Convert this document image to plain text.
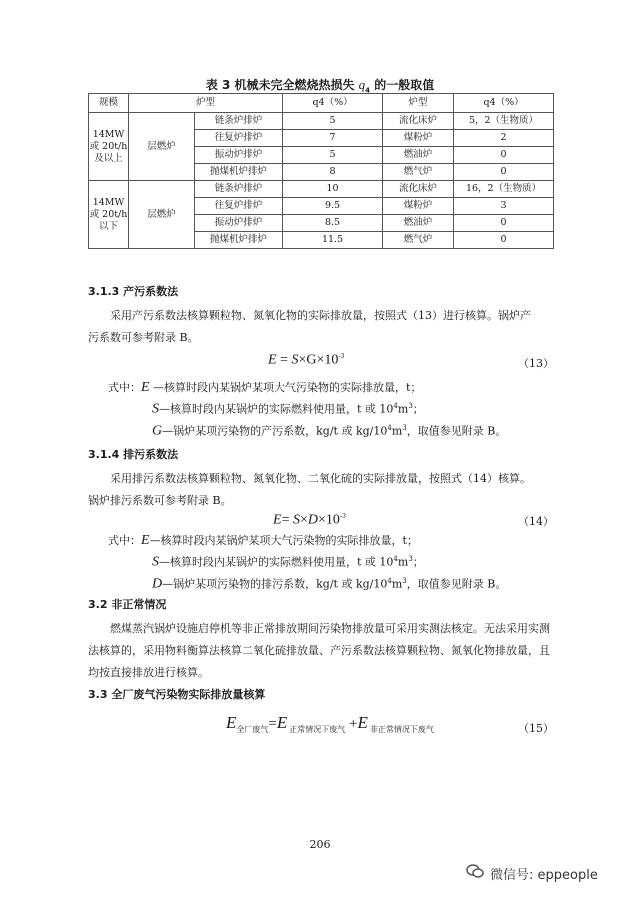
表 3 机械未完全燃烧热损失 $q_4$ 的一般取值
规模	炉型		q4（%）	炉型	q4（%）

14MW
或 20t/h
及以上	层燃炉	链条炉排炉	5	流化床炉	5，2（生物质）
		往复炉排炉	7	煤粉炉	2
		振动炉排炉	5	燃油炉	0
		抛煤机炉排炉	8	燃气炉	0

14MW
或 20t/h
以下	层燃炉	链条炉排炉	10	流化床炉	16，2（生物质）
		往复炉排炉	9.5	煤粉炉	3
		振动炉排炉	8.5	燃油炉	0
		抛煤机炉排炉	11.5	燃气炉	0
3.1.3 产污系数法
采用产污系数法核算颗粒物、氮氧化物的实际排放量，按照式（13）进行核算。锅炉产
污系数可参考附录 B。
$E = S\times G\times 10^{-3}$
（13）
式中：E —核算时段内某锅炉某项大气污染物的实际排放量，t；
S—核算时段内某锅炉的实际燃料使用量，t 或 $10^4m^3$；
G—锅炉某项污染物的产污系数，kg/t 或 $kg/10^4m^3$，取值参见附录 B。
3.1.4 排污系数法
采用排污系数法核算颗粒物、氮氧化物、二氧化硫的实际排放量，按照式（14）核算。
锅炉排污系数可参考附录 B。
$E= S\times D\times 10^{-3}$	（14）
式中：E—核算时段内某锅炉某项大气污染物的实际排放量，t；
S—核算时段内某锅炉的实际燃料使用量，t 或 $10^4m^3$；
D—锅炉某项污染物的排污系数，kg/t 或 $kg/10^4m^3$，取值参见附录 B。
3.2 非正常情况
燃煤蒸汽锅炉设施启停机等非正常排放期间污染物排放量可采用实测法核定。无法采用实测法核算的，采用物料衡算法核算二氧化硫排放量、产污系数法核算颗粒物、氮氧化物排放量，且均按直接排放进行核算。
3.3 全厂废气污染物实际排放量核算
$E_{全厂废气}=E$ $_{正常情况下废气}$ +E $_{非正常情况下废气}$	（15）
206
微信号: eppeople
